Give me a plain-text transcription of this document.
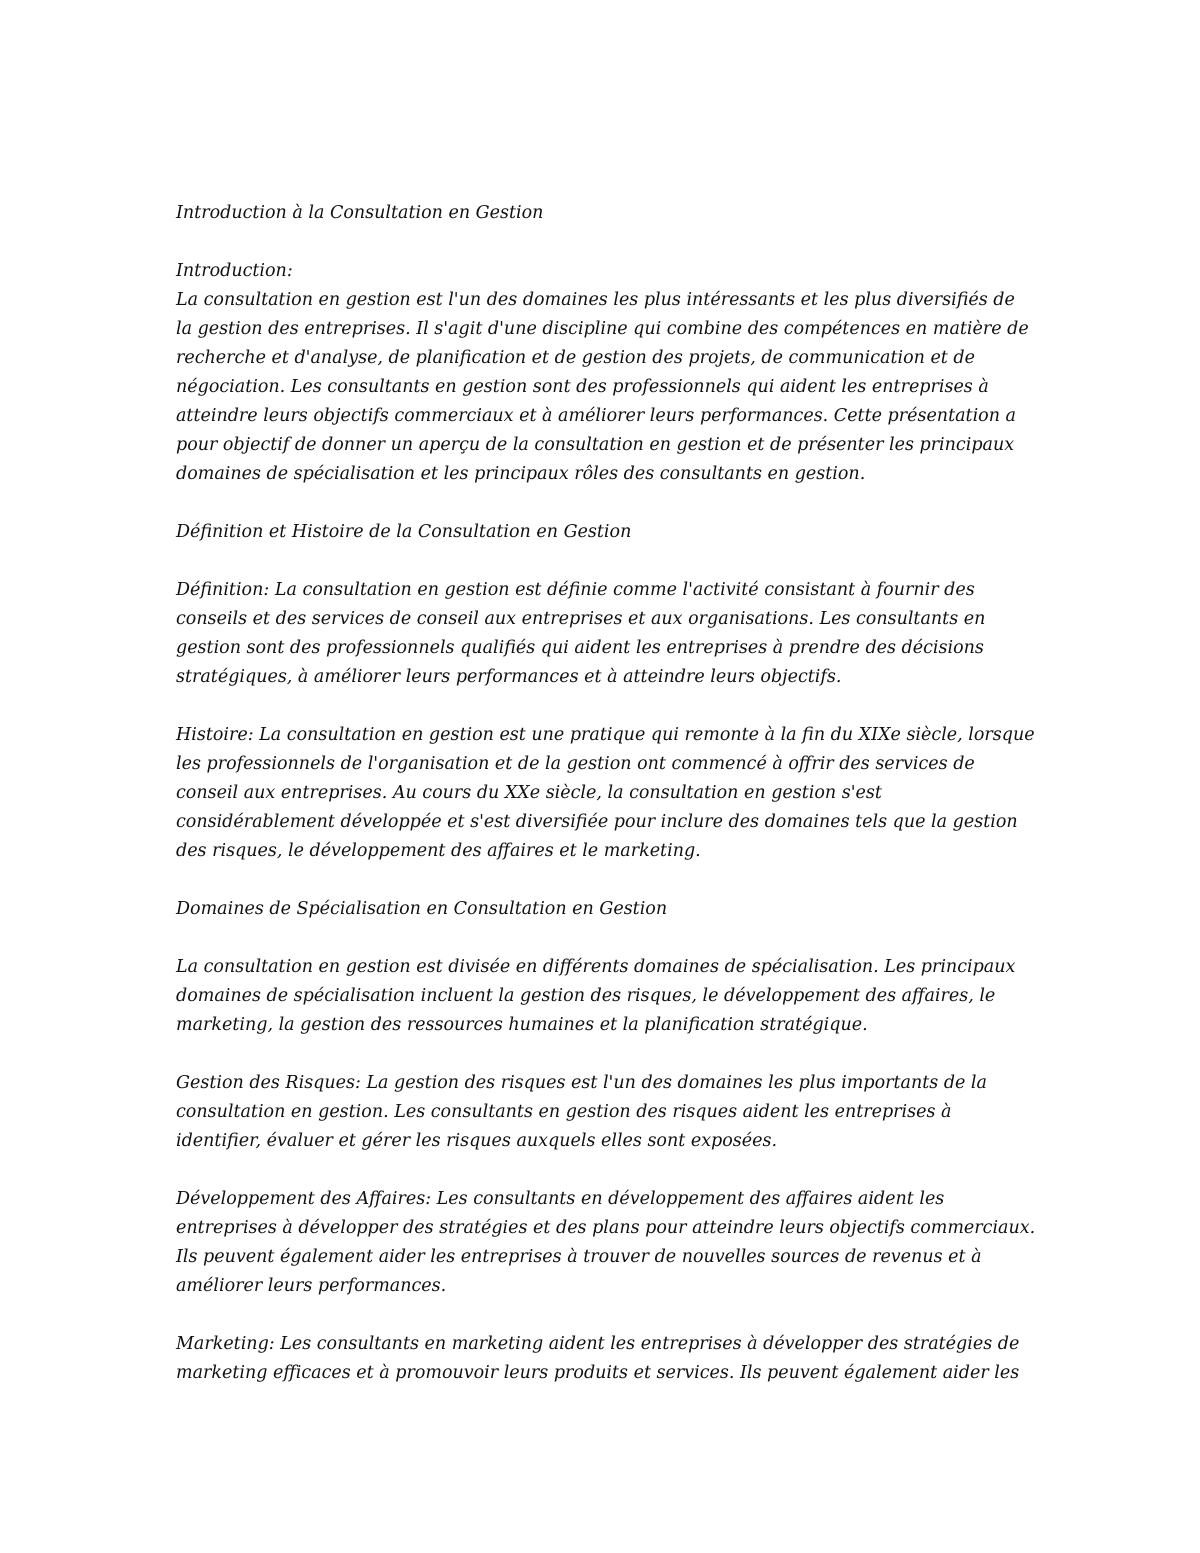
Introduction à la Consultation en Gestion

Introduction:

La consultation en gestion est l'un des domaines les plus intéressants et les plus diversifiés de la gestion des entreprises. Il s'agit d'une discipline qui combine des compétences en matière de recherche et d'analyse, de planification et de gestion des projets, de communication et de négociation. Les consultants en gestion sont des professionnels qui aident les entreprises à atteindre leurs objectifs commerciaux et à améliorer leurs performances. Cette présentation a pour objectif de donner un aperçu de la consultation en gestion et de présenter les principaux domaines de spécialisation et les principaux rôles des consultants en gestion.

Définition et Histoire de la Consultation en Gestion

Définition: La consultation en gestion est définie comme l'activité consistant à fournir des conseils et des services de conseil aux entreprises et aux organisations. Les consultants en gestion sont des professionnels qualifiés qui aident les entreprises à prendre des décisions stratégiques, à améliorer leurs performances et à atteindre leurs objectifs.

Histoire: La consultation en gestion est une pratique qui remonte à la fin du XIXe siècle, lorsque les professionnels de l'organisation et de la gestion ont commencé à offrir des services de conseil aux entreprises. Au cours du XXe siècle, la consultation en gestion s'est considérablement développée et s'est diversifiée pour inclure des domaines tels que la gestion des risques, le développement des affaires et le marketing.

Domaines de Spécialisation en Consultation en Gestion

La consultation en gestion est divisée en différents domaines de spécialisation. Les principaux domaines de spécialisation incluent la gestion des risques, le développement des affaires, le marketing, la gestion des ressources humaines et la planification stratégique.

Gestion des Risques: La gestion des risques est l'un des domaines les plus importants de la consultation en gestion. Les consultants en gestion des risques aident les entreprises à identifier, évaluer et gérer les risques auxquels elles sont exposées.

Développement des Affaires: Les consultants en développement des affaires aident les entreprises à développer des stratégies et des plans pour atteindre leurs objectifs commerciaux. Ils peuvent également aider les entreprises à trouver de nouvelles sources de revenus et à améliorer leurs performances.

Marketing: Les consultants en marketing aident les entreprises à développer des stratégies de marketing efficaces et à promouvoir leurs produits et services. Ils peuvent également aider les
